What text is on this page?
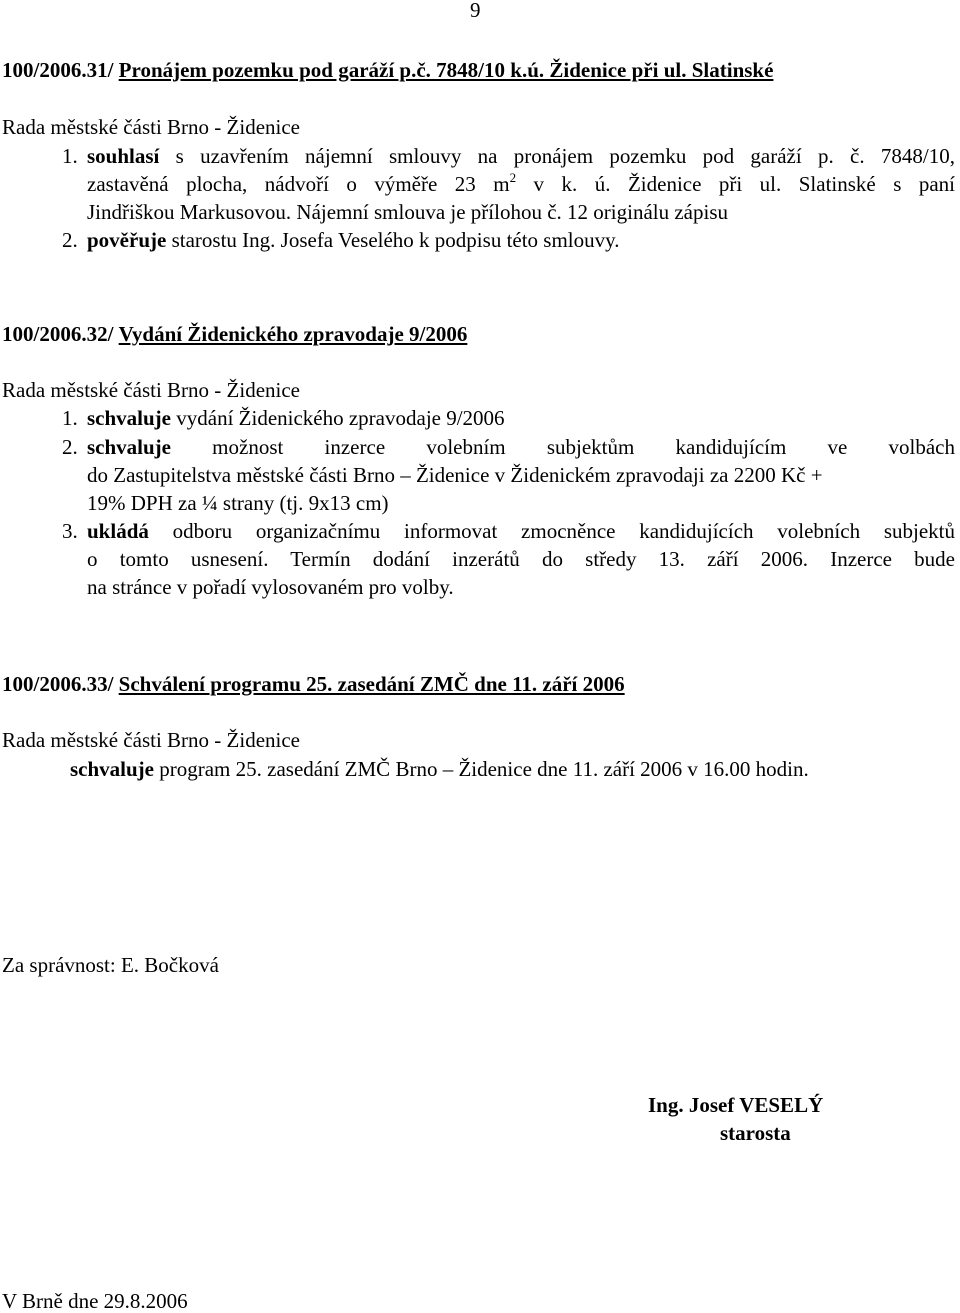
9
100/2006.31/ Pronájem pozemku pod garáží p.č. 7848/10 k.ú. Židenice při ul. Slatinské
Rada městské části Brno - Židenice
1. souhlasí s uzavřením nájemní smlouvy na pronájem pozemku pod garáží p. č. 7848/10,
zastavěná plocha, nádvoří o výměře 23 $m^2$ v k. ú. Židenice při ul. Slatinské s paní
Jindřiškou Markusovou. Nájemní smlouva je přílohou č. 12 originálu zápisu
2. pověřuje starostu Ing. Josefa Veselého k podpisu této smlouvy.
100/2006.32/ Vydání Židenického zpravodaje 9/2006
Rada městské části Brno - Židenice
1. schvaluje vydání Židenického zpravodaje 9/2006
2. schvaluje možnost inzerce volebním subjektům kandidujícím ve volbách
do Zastupitelstva městské části Brno – Židenice v Židenickém zpravodaji za 2200 Kč +
19% DPH za ¼ strany (tj. 9x13 cm)
3. ukládá odboru organizačnímu informovat zmocněnce kandidujících volebních subjektů
o tomto usnesení. Termín dodání inzerátů do středy 13. září 2006. Inzerce bude
na stránce v pořadí vylosovaném pro volby.
100/2006.33/ Schválení programu 25. zasedání ZMČ dne 11. září 2006
Rada městské části Brno - Židenice
schvaluje program 25. zasedání ZMČ Brno – Židenice dne 11. září 2006 v 16.00 hodin.
Za správnost: E. Bočková
Ing. Josef VESELÝ
starosta
V Brně dne 29.8.2006
